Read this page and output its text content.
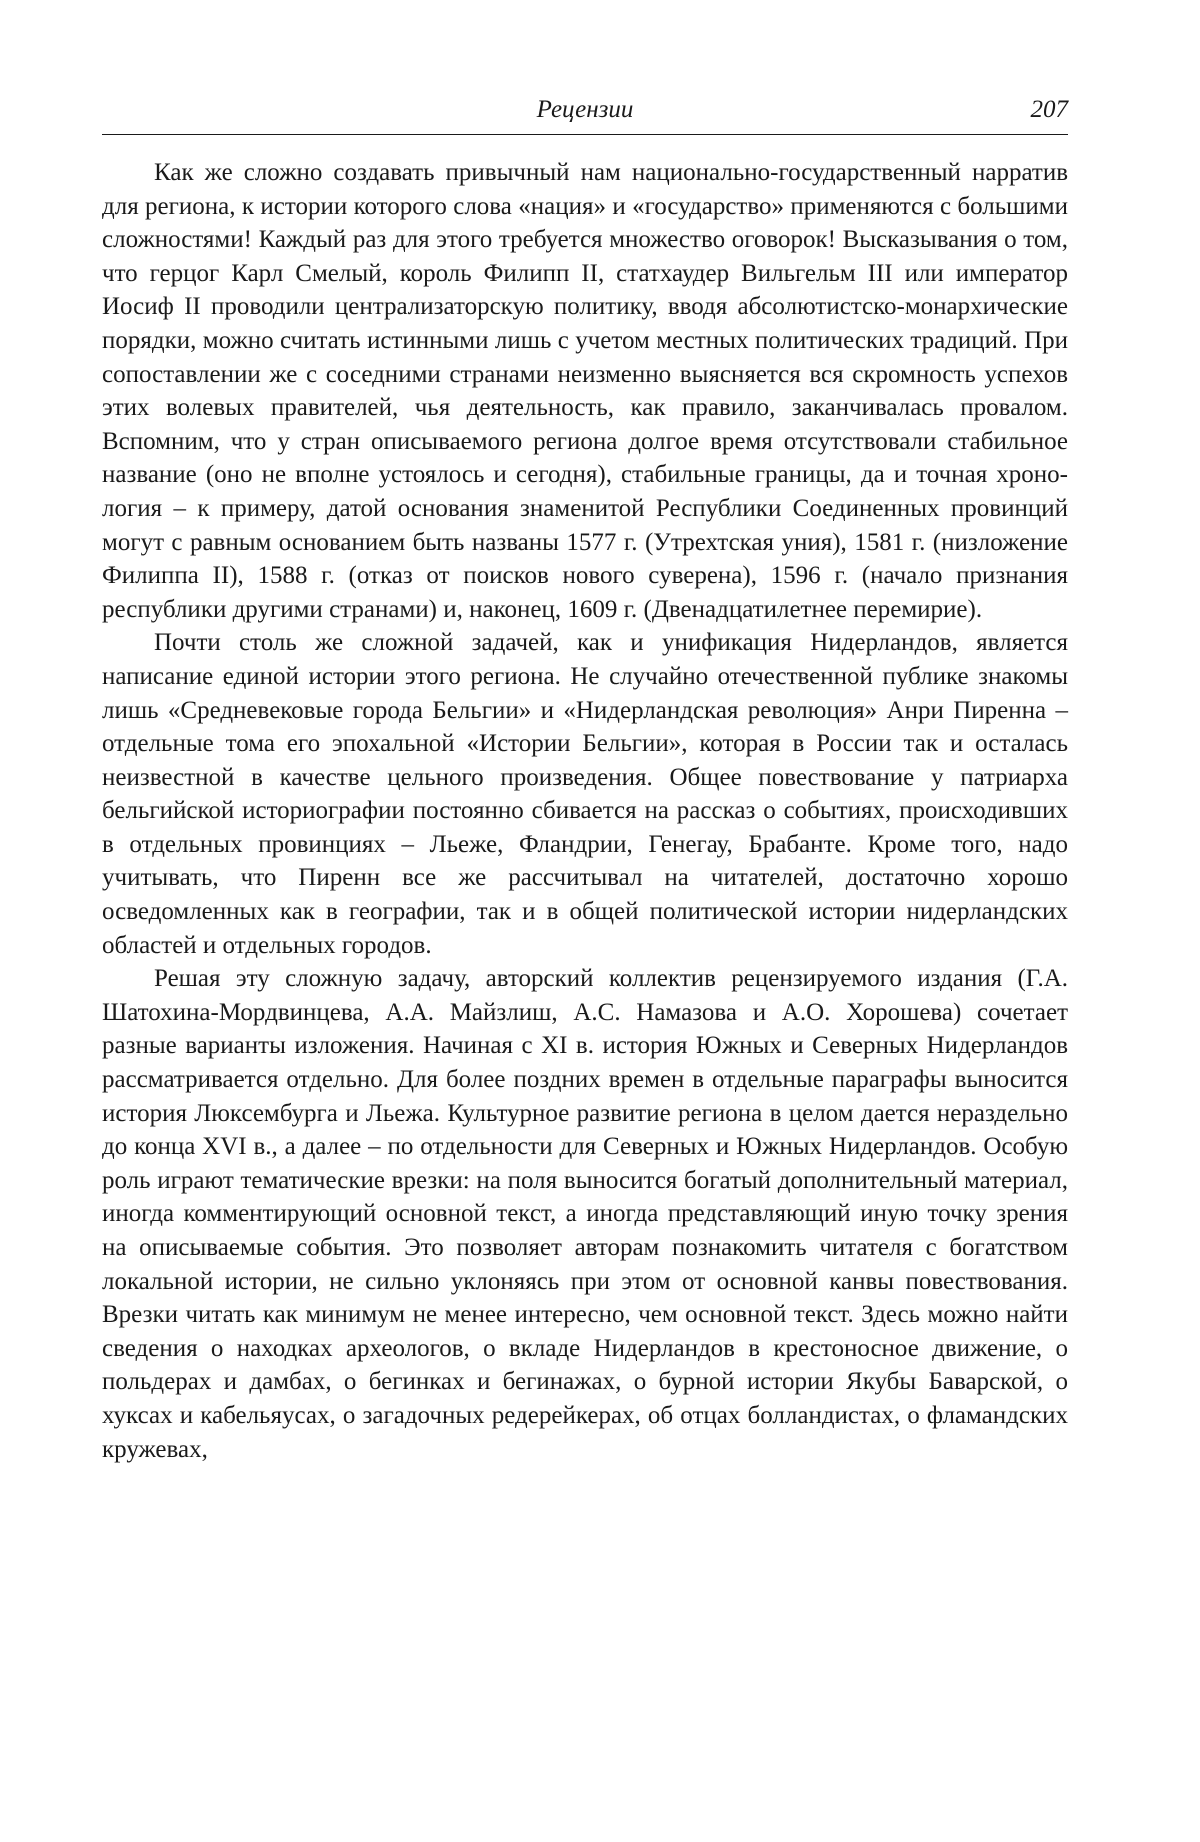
Рецензии	207

Как же сложно создавать привычный нам национально-государствен­ный нарратив для региона, к истории которого слова «нация» и «государ­ство» применяются с большими сложностями! Каждый раз для этого тре­буется множество оговорок! Высказывания о том, что герцог Карл Смелый, король Филипп II, статхаудер Вильгельм III или император Иосиф II про­водили централизаторскую политику, вводя абсолютистско-монархические порядки, можно считать истинными лишь с учетом местных политических традиций. При сопоставлении же с соседними странами неизменно вы­ясняется вся скромность успехов этих волевых правителей, чья деятель­ность, как правило, заканчивалась провалом. Вспомним, что у стран опи­сываемого региона долгое время отсутствовали стабильное название (оно не вполне устоялось и сегодня), стабильные границы, да и точная хроно­логия – к примеру, датой основания знаменитой Республики Соединенных провинций могут с равным основанием быть названы 1577 г. (Утрехтская уния), 1581 г. (низложение Филиппа II), 1588 г. (отказ от поисков нового суверена), 1596 г. (начало признания республики другими странами) и, на­конец, 1609 г. (Двенадцатилетнее перемирие).

Почти столь же сложной задачей, как и унификация Нидерландов, яв­ляется написание единой истории этого региона. Не случайно отечествен­ной публике знакомы лишь «Средневековые города Бельгии» и «Нидер­ландская революция» Анри Пиренна – отдельные тома его эпохальной «Истории Бельгии», которая в России так и осталась неизвестной в каче­стве цельного произведения. Общее повествование у патриарха бельгий­ской историографии постоянно сбивается на рассказ о событиях, происхо­дивших в отдельных провинциях – Льеже, Фландрии, Генегау, Брабанте. Кроме того, надо учитывать, что Пиренн все же рассчитывал на читателей, достаточно хорошо осведомленных как в географии, так и в общей полити­ческой истории нидерландских областей и отдельных городов.

Решая эту сложную задачу, авторский коллектив рецензируемого издания (Г.А. Шатохина-Мордвинцева, А.А. Майзлиш, А.С. Намазова и А.О. Хорошева) сочетает разные варианты изложения. Начиная с XI в. история Южных и Северных Нидерландов рассматривается отдельно. Для более поздних времен в отдельные параграфы выносится история Люксембурга и Льежа. Культурное развитие региона в целом дается нераз­дельно до конца XVI в., а далее – по отдельности для Северных и Южных Нидерландов. Особую роль играют тематические врезки: на поля выносит­ся богатый дополнительный материал, иногда комментирующий основной текст, а иногда представляющий иную точку зрения на описываемые со­бытия. Это позволяет авторам познакомить читателя с богатством локаль­ной истории, не сильно уклоняясь при этом от основной канвы повест­вования. Врезки читать как минимум не менее интересно, чем основной текст. Здесь можно найти сведения о находках археологов, о вкладе Нидер­ландов в крестоносное движение, о польдерах и дамбах, о бегинках и бе­гинажах, о бурной истории Якубы Баварской, о хуксах и кабельяусах, о за­гадочных редерейкерах, об отцах болландистах, о фламандских кружевах,
